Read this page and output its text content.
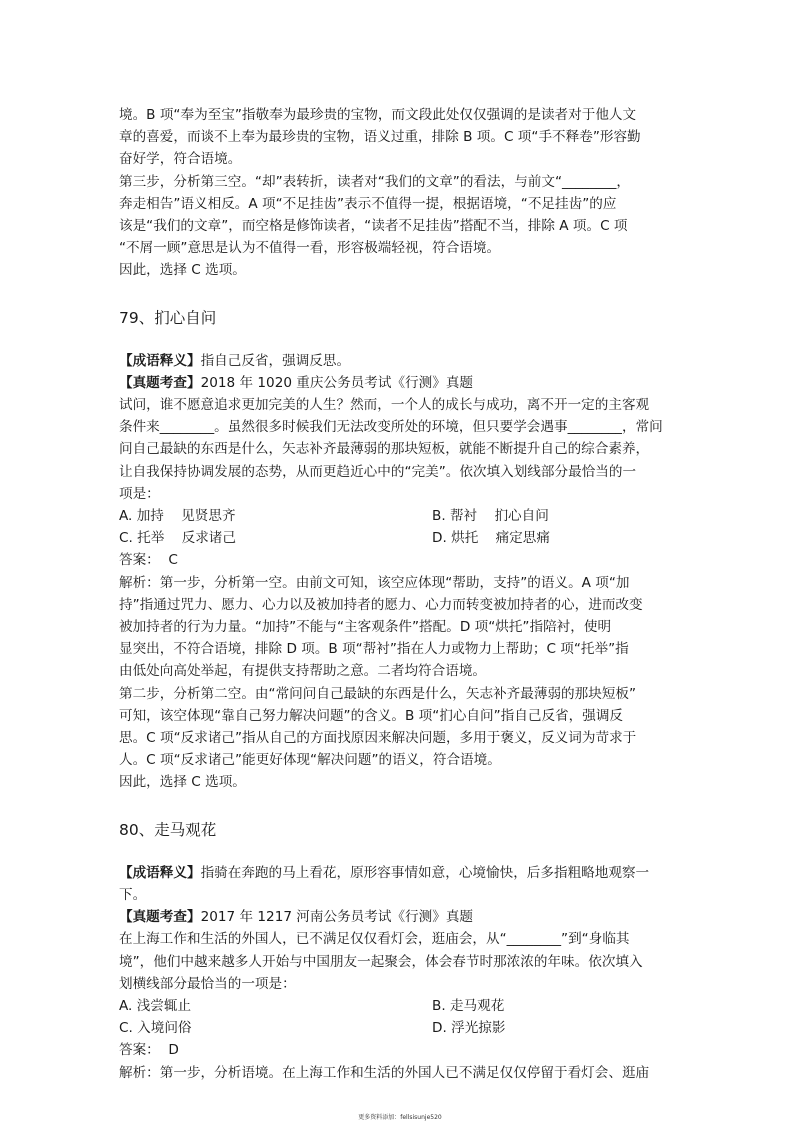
境。B 项“奉为至宝”指敬奉为最珍贵的宝物，而文段此处仅仅强调的是读者对于他人文

章的喜爱，而谈不上奉为最珍贵的宝物，语义过重，排除 B 项。C 项“手不释卷”形容勤

奋好学，符合语境。

第三步，分析第三空。“却”表转折，读者对“我们的文章”的看法，与前文“________，

奔走相告”语义相反。A 项“不足挂齿”表示不值得一提，根据语境，“不足挂齿”的应

该是“我们的文章”，而空格是修饰读者，“读者不足挂齿”搭配不当，排除 A 项。C 项

“不屑一顾”意思是认为不值得一看，形容极端轻视，符合语境。

因此，选择 C 选项。

79、扪心自问

【成语释义】指自己反省，强调反思。

【真题考查】2018 年 1020 重庆公务员考试《行测》真题

试问，谁不愿意追求更加完美的人生？然而，一个人的成长与成功，离不开一定的主客观

条件来________。虽然很多时候我们无法改变所处的环境，但只要学会遇事________，常问

问自己最缺的东西是什么，矢志补齐最薄弱的那块短板，就能不断提升自己的综合素养，

让自我保持协调发展的态势，从而更趋近心中的“完美”。依次填入划线部分最恰当的一

项是：

A. 加持    见贤思齐	B. 帮衬    扪心自问

C. 托举    反求诸己	D. 烘托    痛定思痛

答案：  C

解析：第一步，分析第一空。由前文可知，该空应体现“帮助，支持”的语义。A 项“加

持”指通过咒力、愿力、心力以及被加持者的愿力、心力而转变被加持者的心，进而改变

被加持者的行为力量。“加持”不能与“主客观条件”搭配。D 项“烘托”指陪衬，使明

显突出，不符合语境，排除 D 项。B 项“帮衬”指在人力或物力上帮助；C 项“托举”指

由低处向高处举起，有提供支持帮助之意。二者均符合语境。

第二步，分析第二空。由“常问问自己最缺的东西是什么，矢志补齐最薄弱的那块短板”

可知，该空体现“靠自己努力解决问题”的含义。B 项“扪心自问”指自己反省，强调反

思。C 项“反求诸己”指从自己的方面找原因来解决问题，多用于褒义，反义词为苛求于

人。C 项“反求诸己”能更好体现“解决问题”的语义，符合语境。

因此，选择 C 选项。

80、走马观花

【成语释义】指骑在奔跑的马上看花，原形容事情如意，心境愉快，后多指粗略地观察一

下。

【真题考查】2017 年 1217 河南公务员考试《行测》真题

在上海工作和生活的外国人，已不满足仅仅看灯会，逛庙会，从“________”到“身临其

境”，他们中越来越多人开始与中国朋友一起聚会，体会春节时那浓浓的年味。依次填入

划横线部分最恰当的一项是：

A. 浅尝辄止	B. 走马观花

C. 入境问俗	D. 浮光掠影

答案：  D

解析：第一步，分析语境。在上海工作和生活的外国人已不满足仅仅停留于看灯会、逛庙

更多资料添加：fellsisunje520
